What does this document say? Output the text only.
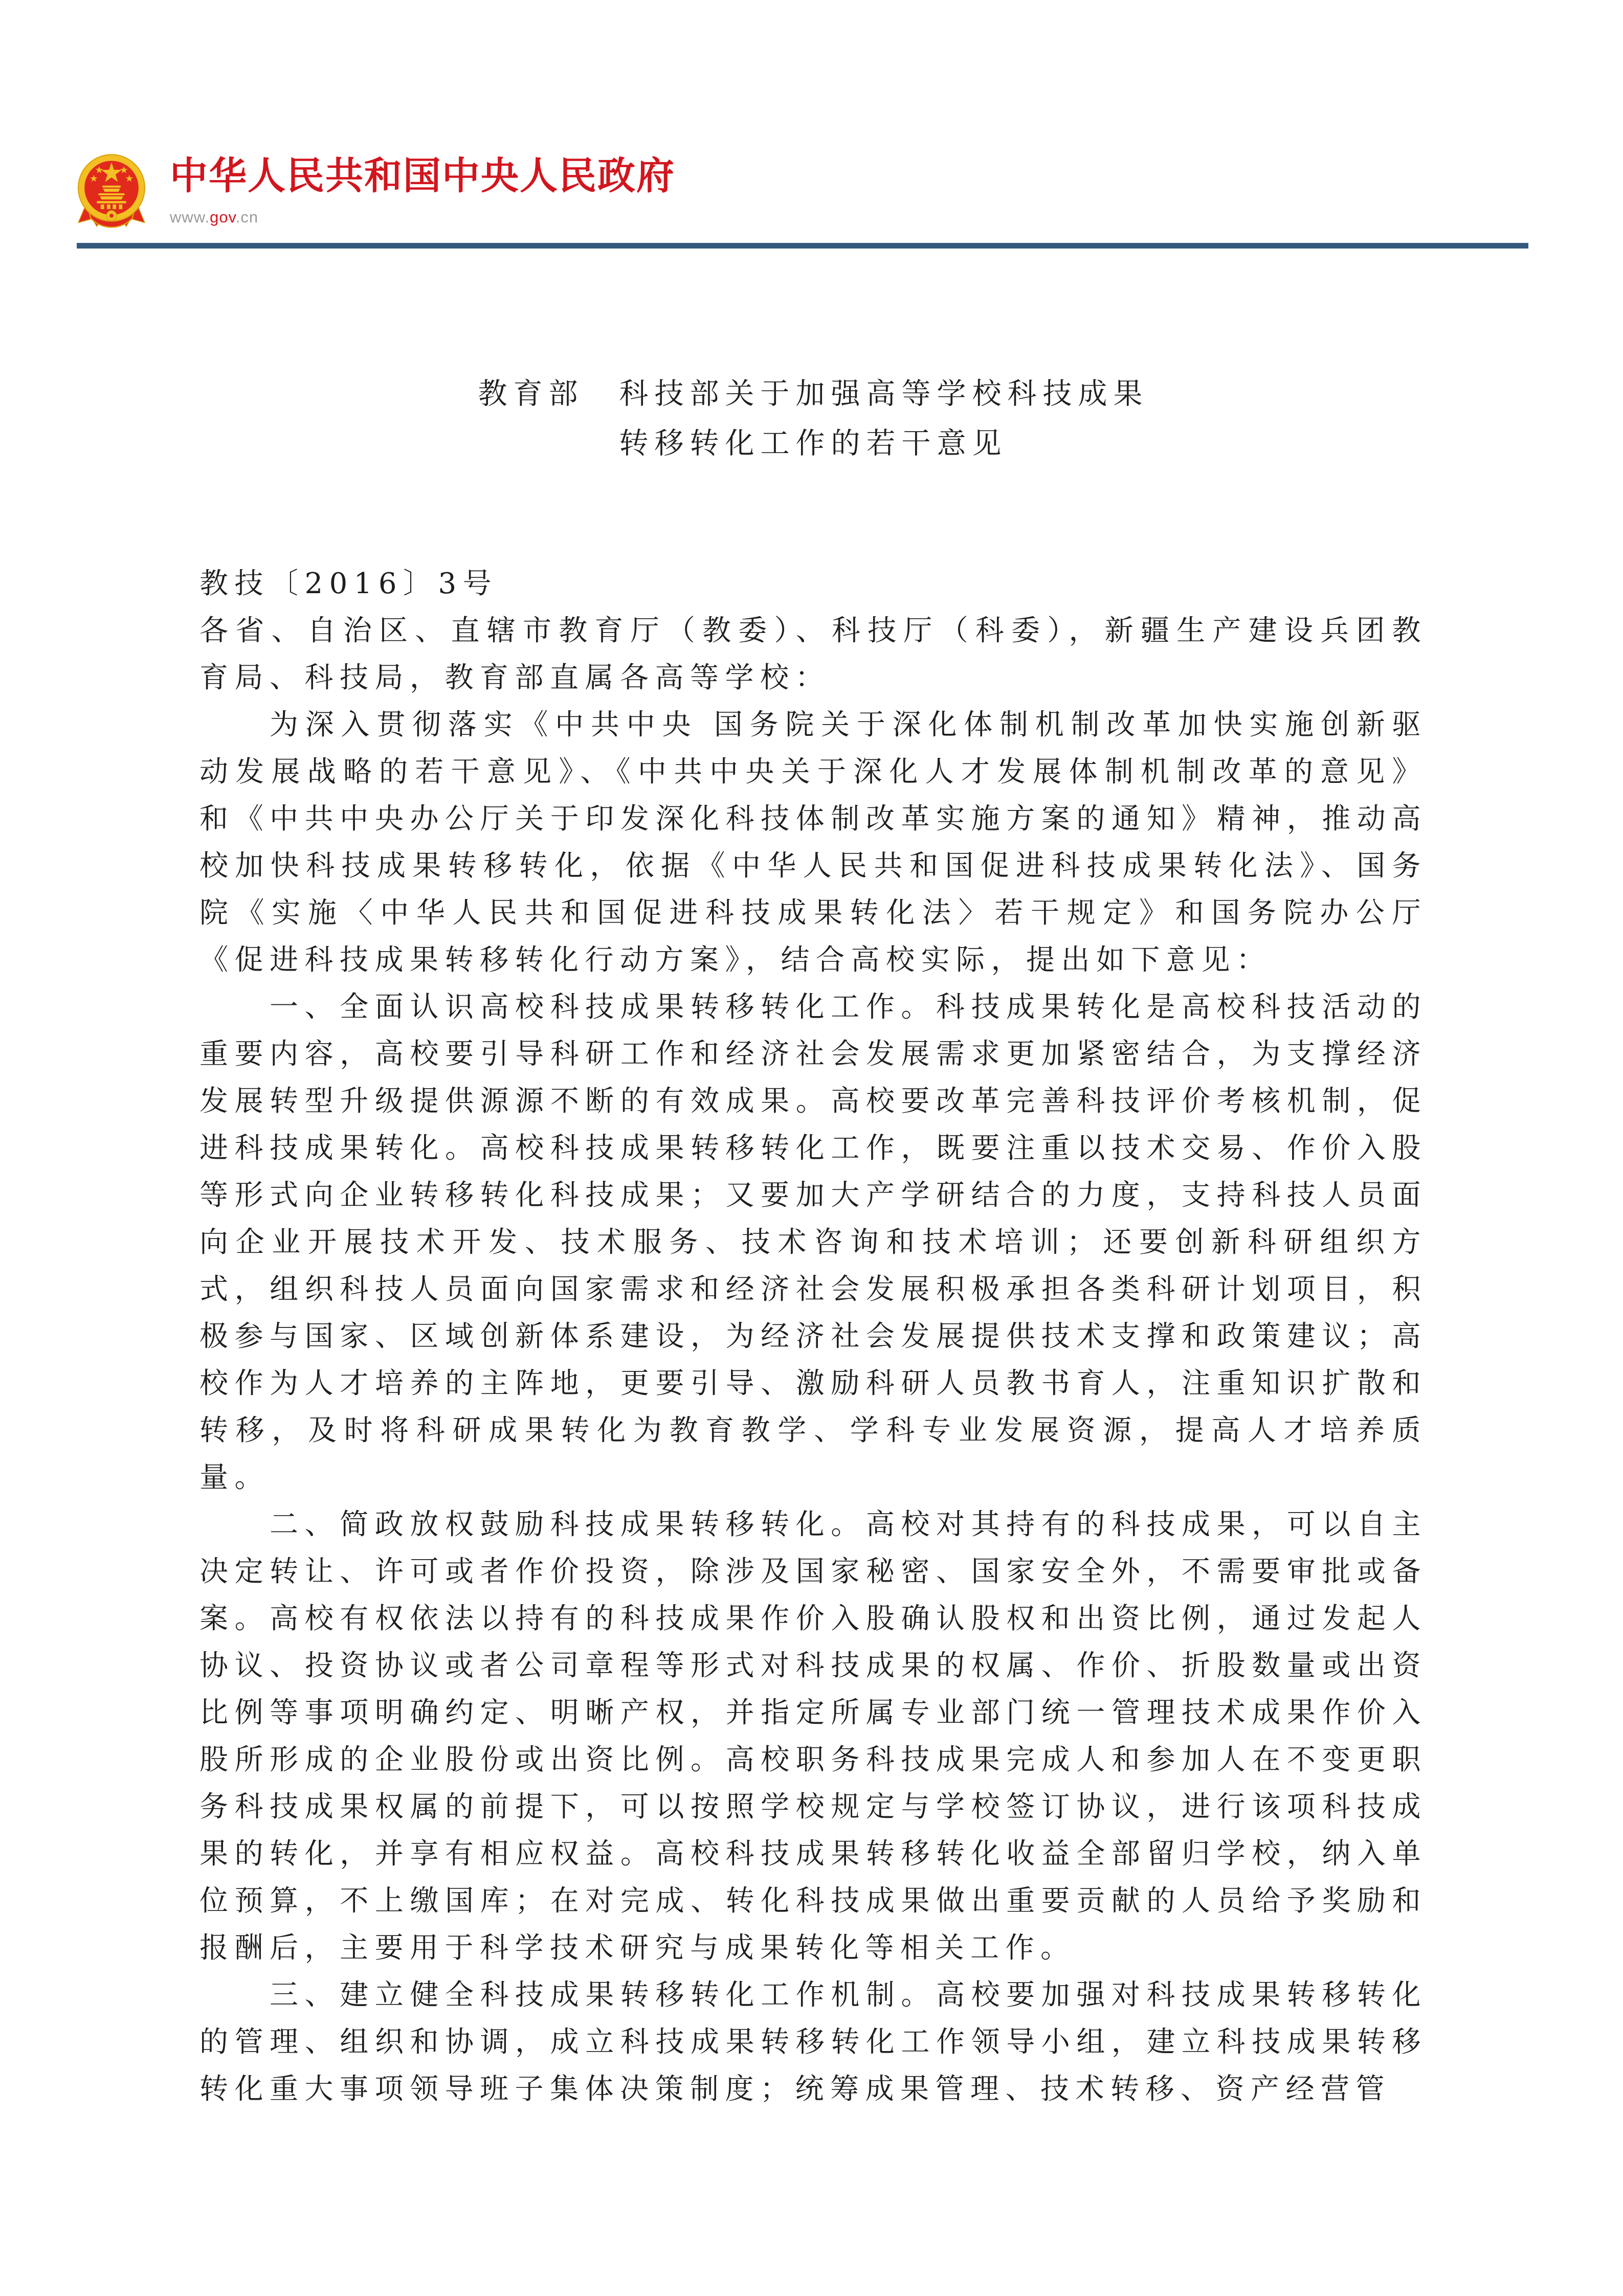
中华人民共和国中央人民政府
www.gov.cn
教育部　科技部关于加强高等学校科技成果
转移转化工作的若干意见

教技〔2016〕3号

各省、自治区、直辖市教育厅（教委）、科技厅（科委），新疆生产建设兵团教育局、科技局，教育部直属各高等学校：

为深入贯彻落实《中共中央 国务院关于深化体制机制改革加快实施创新驱动发展战略的若干意见》、《中共中央关于深化人才发展体制机制改革的意见》和《中共中央办公厅关于印发深化科技体制改革实施方案的通知》精神，推动高校加快科技成果转移转化，依据《中华人民共和国促进科技成果转化法》、国务院《实施〈中华人民共和国促进科技成果转化法〉若干规定》和国务院办公厅《促进科技成果转移转化行动方案》，结合高校实际，提出如下意见：

一、全面认识高校科技成果转移转化工作。科技成果转化是高校科技活动的重要内容，高校要引导科研工作和经济社会发展需求更加紧密结合，为支撑经济发展转型升级提供源源不断的有效成果。高校要改革完善科技评价考核机制，促进科技成果转化。高校科技成果转移转化工作，既要注重以技术交易、作价入股等形式向企业转移转化科技成果；又要加大产学研结合的力度，支持科技人员面向企业开展技术开发、技术服务、技术咨询和技术培训；还要创新科研组织方式，组织科技人员面向国家需求和经济社会发展积极承担各类科研计划项目，积极参与国家、区域创新体系建设，为经济社会发展提供技术支撑和政策建议；高校作为人才培养的主阵地，更要引导、激励科研人员教书育人，注重知识扩散和转移，及时将科研成果转化为教育教学、学科专业发展资源，提高人才培养质量。

二、简政放权鼓励科技成果转移转化。高校对其持有的科技成果，可以自主决定转让、许可或者作价投资，除涉及国家秘密、国家安全外，不需要审批或备案。高校有权依法以持有的科技成果作价入股确认股权和出资比例，通过发起人协议、投资协议或者公司章程等形式对科技成果的权属、作价、折股数量或出资比例等事项明确约定、明晰产权，并指定所属专业部门统一管理技术成果作价入股所形成的企业股份或出资比例。高校职务科技成果完成人和参加人在不变更职务科技成果权属的前提下，可以按照学校规定与学校签订协议，进行该项科技成果的转化，并享有相应权益。高校科技成果转移转化收益全部留归学校，纳入单位预算，不上缴国库；在对完成、转化科技成果做出重要贡献的人员给予奖励和报酬后，主要用于科学技术研究与成果转化等相关工作。

三、建立健全科技成果转移转化工作机制。高校要加强对科技成果转移转化的管理、组织和协调，成立科技成果转移转化工作领导小组，建立科技成果转移转化重大事项领导班子集体决策制度；统筹成果管理、技术转移、资产经营管
